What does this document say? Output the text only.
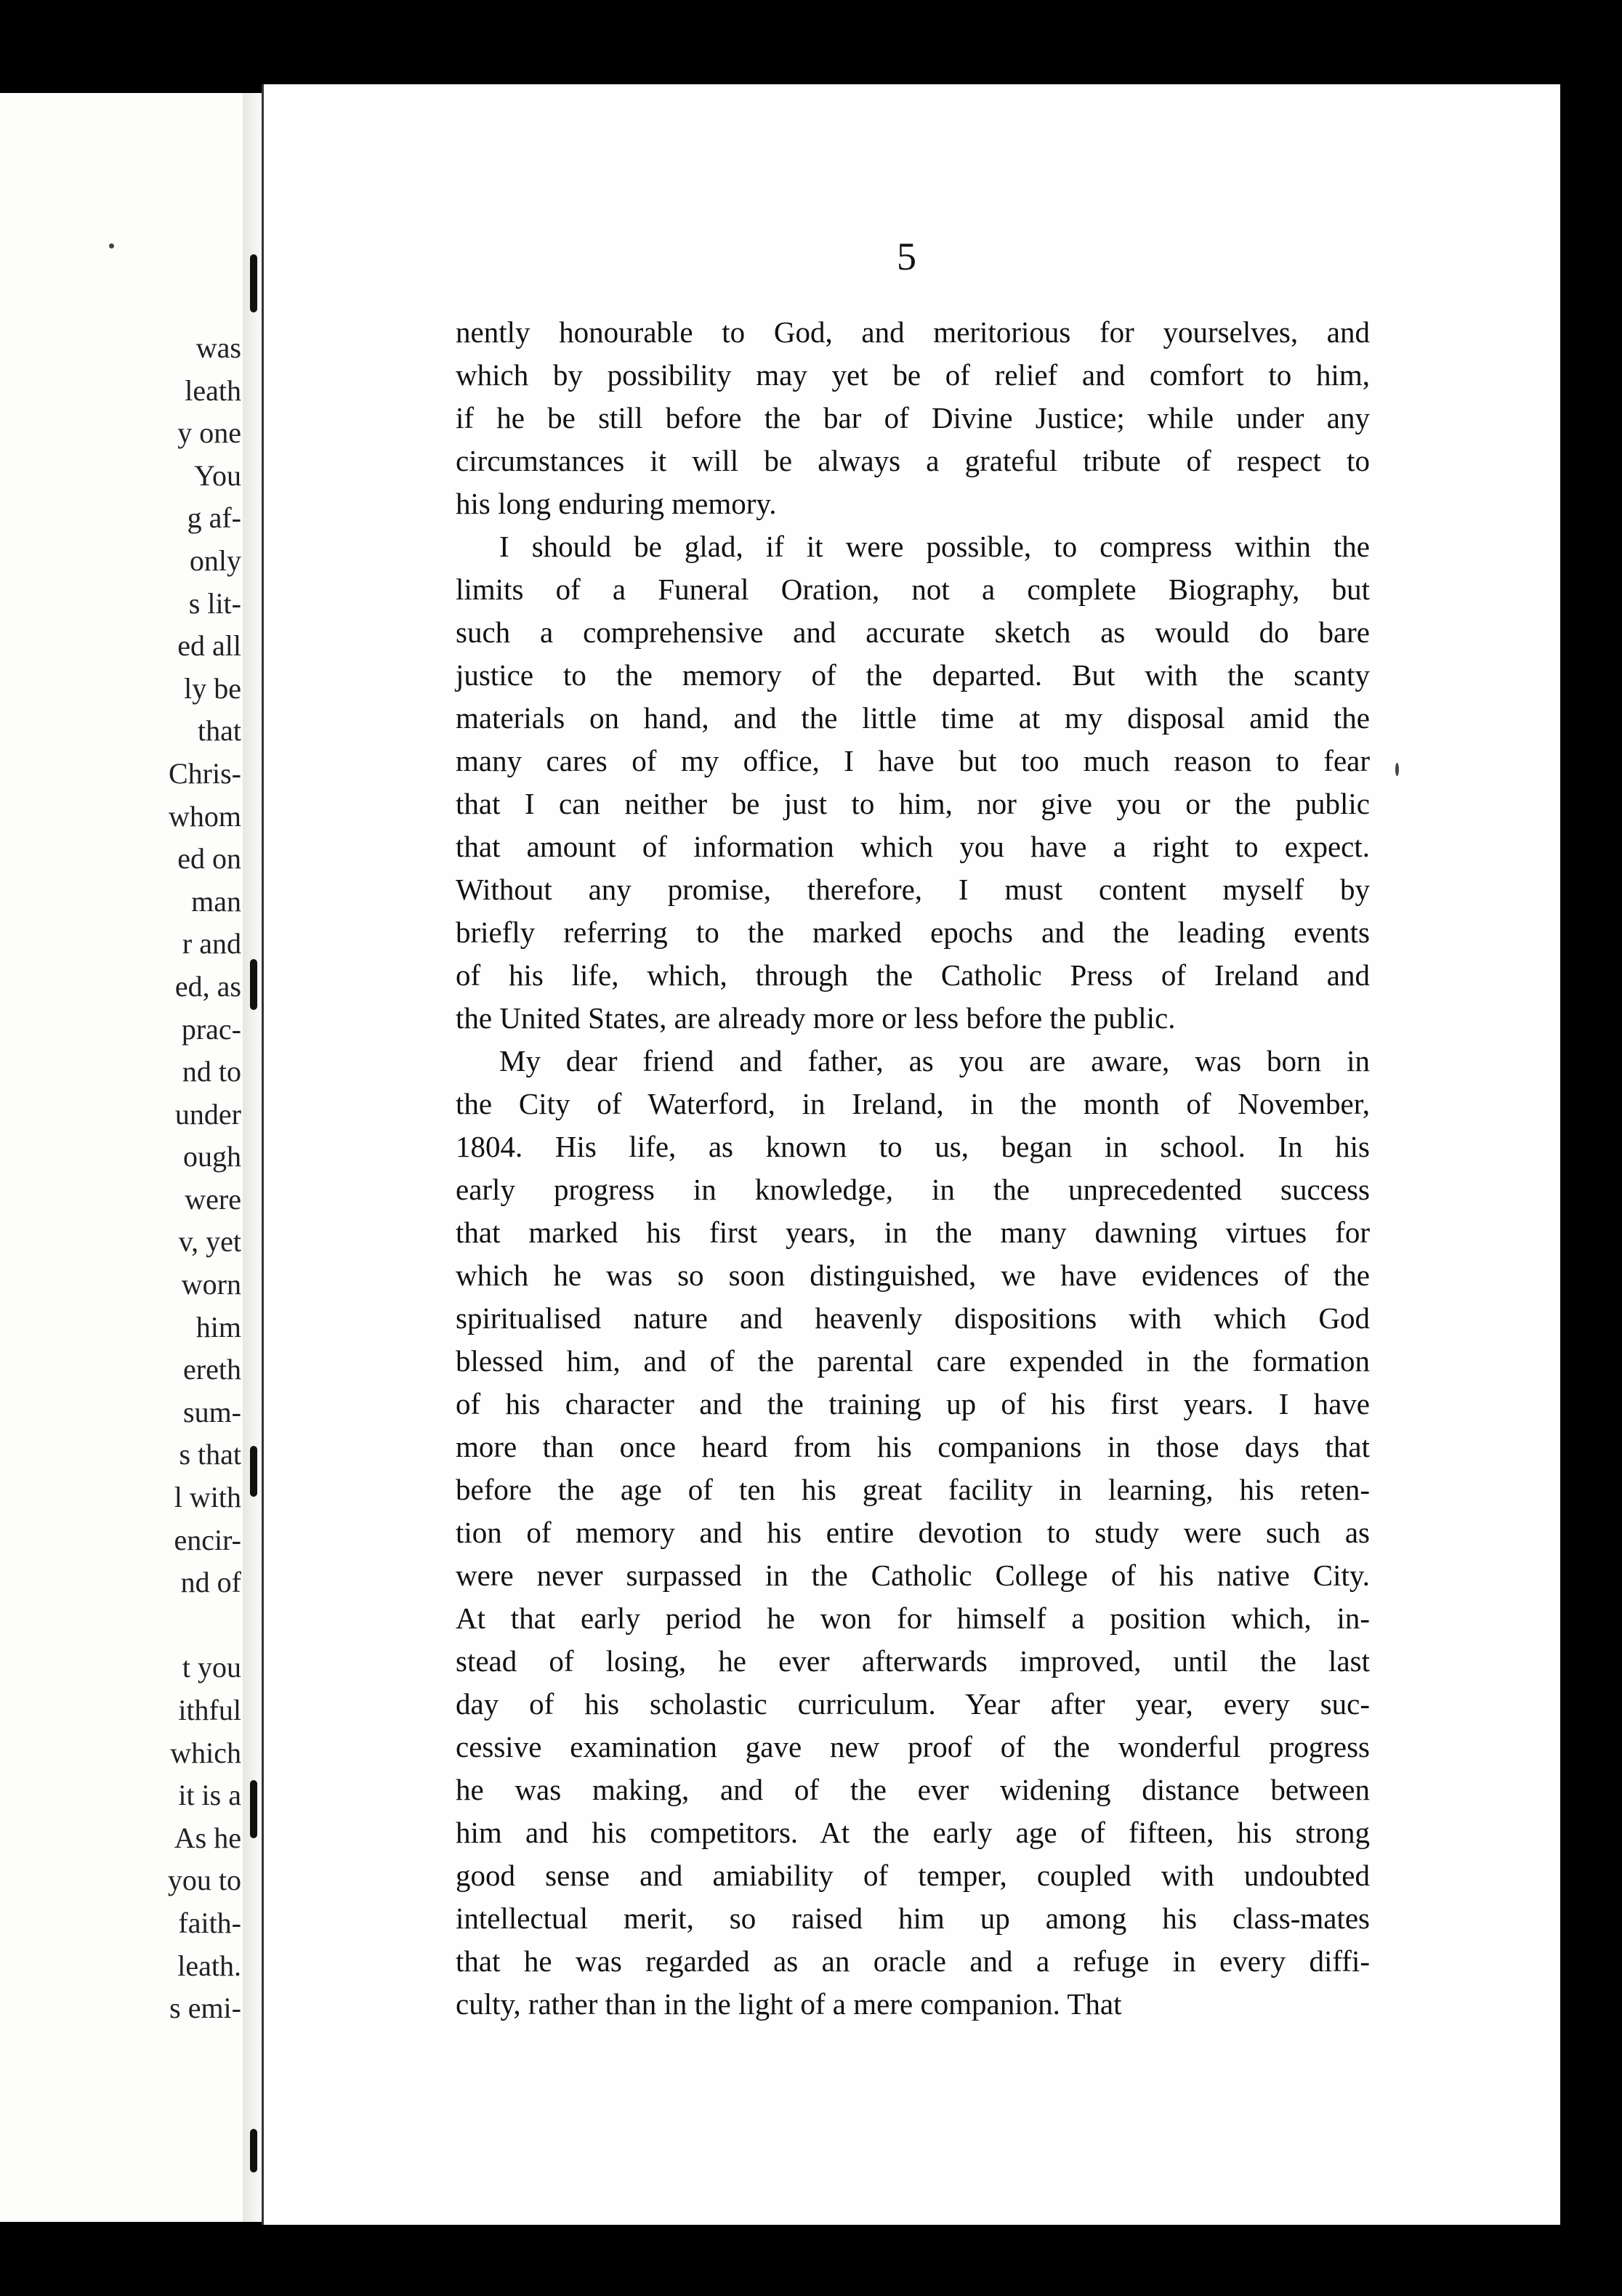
was
leath
y one
You
g af-
only
s lit-
ed all
ly be
that
Chris-
whom
ed on
man
r and
ed, as
prac-
nd to
under
ough
were
v, yet
worn
him
ereth
sum-
s that
l with
encir-
nd of
t you
ithful
which
it is a
As he
you to
faith-
leath.
s emi-
5
nently honourable to God, and meritorious for yourselves, and
which by possibility may yet be of relief and comfort to him,
if he be still before the bar of Divine Justice; while under any
circumstances it will be always a grateful tribute of respect to
his long enduring memory.
I should be glad, if it were possible, to compress within the
limits of a Funeral Oration, not a complete Biography, but
such a comprehensive and accurate sketch as would do bare
justice to the memory of the departed. But with the scanty
materials on hand, and the little time at my disposal amid the
many cares of my office, I have but too much reason to fear
that I can neither be just to him, nor give you or the public
that amount of information which you have a right to expect.
Without any promise, therefore, I must content myself by
briefly referring to the marked epochs and the leading events
of his life, which, through the Catholic Press of Ireland and
the United States, are already more or less before the public.
My dear friend and father, as you are aware, was born in
the City of Waterford, in Ireland, in the month of November,
1804. His life, as known to us, began in school. In his
early progress in knowledge, in the unprecedented success
that marked his first years, in the many dawning virtues for
which he was so soon distinguished, we have evidences of the
spiritualised nature and heavenly dispositions with which God
blessed him, and of the parental care expended in the formation
of his character and the training up of his first years. I have
more than once heard from his companions in those days that
before the age of ten his great facility in learning, his reten-
tion of memory and his entire devotion to study were such as
were never surpassed in the Catholic College of his native City.
At that early period he won for himself a position which, in-
stead of losing, he ever afterwards improved, until the last
day of his scholastic curriculum. Year after year, every suc-
cessive examination gave new proof of the wonderful progress
he was making, and of the ever widening distance between
him and his competitors. At the early age of fifteen, his strong
good sense and amiability of temper, coupled with undoubted
intellectual merit, so raised him up among his class-mates
that he was regarded as an oracle and a refuge in every diffi-
culty, rather than in the light of a mere companion. That
